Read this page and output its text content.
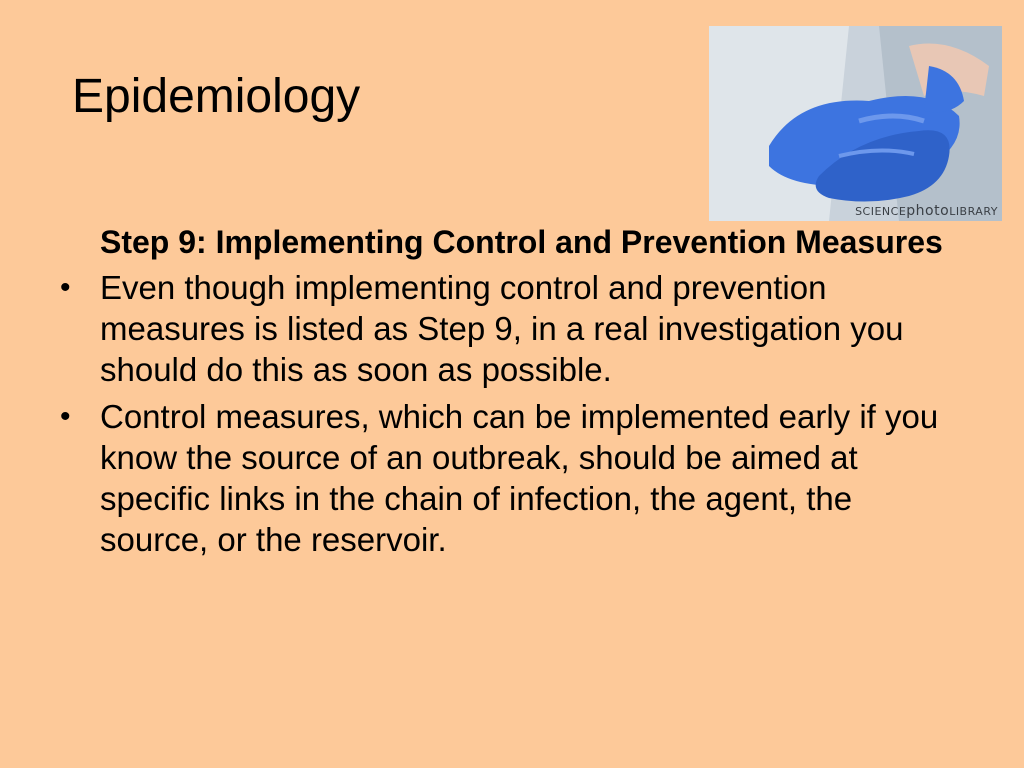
Epidemiology
SCIENCEphotoLIBRARY
Step 9: Implementing Control and Prevention Measures
• Even though implementing control and prevention measures is listed as Step 9, in a real investigation you should do this as soon as possible.
• Control measures, which can be implemented early if you know the source of an outbreak, should be aimed at specific links in the chain of infection, the agent, the source, or the reservoir.
